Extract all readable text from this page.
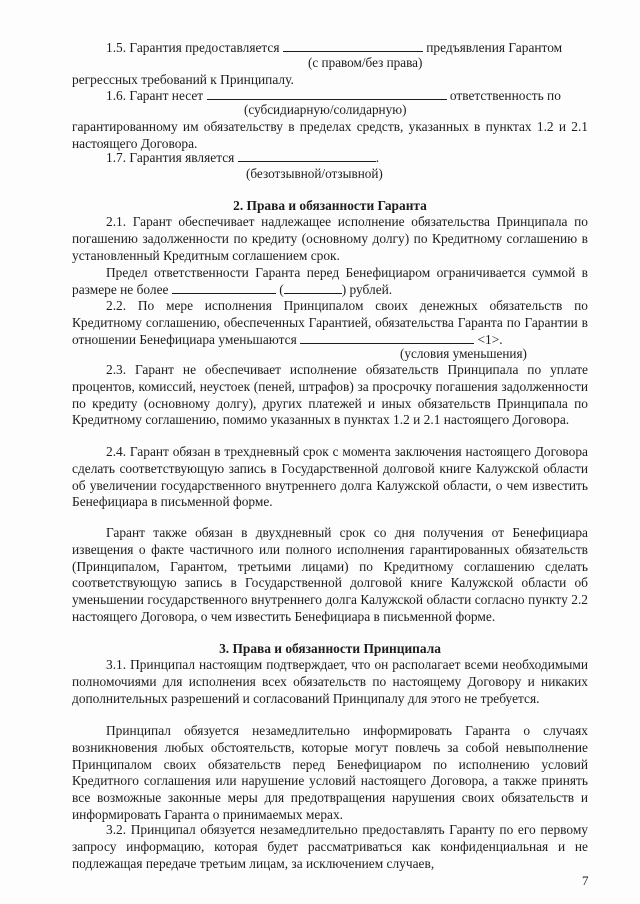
1.5. Гарантия предоставляется	предъявления Гарантом
(с правом/без права)
регрессных требований к Принципалу.
1.6. Гарант несет	ответственность по
(субсидиарную/солидарную)
гарантированному им обязательству в пределах средств, указанных в пунктах 1.2 и 2.1 настоящего Договора.
1.7. Гарантия является	.
(безотзывной/отзывной)
2. Права и обязанности Гаранта
2.1. Гарант обеспечивает надлежащее исполнение обязательства Принципала по погашению задолженности по кредиту (основному долгу) по Кредитному соглашению в установленный Кредитным соглашением срок.
Предел ответственности Гаранта перед Бенефициаром ограничивается суммой в размере не более	(	) рублей.
2.2. По мере исполнения Принципалом своих денежных обязательств по Кредитному соглашению, обеспеченных Гарантией, обязательства Гаранта по Гарантии в отношении Бенефициара уменьшаются	<1>.
(условия уменьшения)
2.3. Гарант не обеспечивает исполнение обязательств Принципала по уплате процентов, комиссий, неустоек (пеней, штрафов) за просрочку погашения задолженности по кредиту (основному долгу), других платежей и иных обязательств Принципала по Кредитному соглашению, помимо указанных в пунктах 1.2 и 2.1 настоящего Договора.
2.4. Гарант обязан в трехдневный срок с момента заключения настоящего Договора сделать соответствующую запись в Государственной долговой книге Калужской области об увеличении государственного внутреннего долга Калужской области, о чем известить Бенефициара в письменной форме.
Гарант также обязан в двухдневный срок со дня получения от Бенефициара извещения о факте частичного или полного исполнения гарантированных обязательств (Принципалом, Гарантом, третьими лицами) по Кредитному соглашению сделать соответствующую запись в Государственной долговой книге Калужской области об уменьшении государственного внутреннего долга Калужской области согласно пункту 2.2 настоящего Договора, о чем известить Бенефициара в письменной форме.
3. Права и обязанности Принципала
3.1. Принципал настоящим подтверждает, что он располагает всеми необходимыми полномочиями для исполнения всех обязательств по настоящему Договору и никаких дополнительных разрешений и согласований Принципалу для этого не требуется.
Принципал обязуется незамедлительно информировать Гаранта о случаях возникновения любых обстоятельств, которые могут повлечь за собой невыполнение Принципалом своих обязательств перед Бенефициаром по исполнению условий Кредитного соглашения или нарушение условий настоящего Договора, а также принять все возможные законные меры для предотвращения нарушения своих обязательств и информировать Гаранта о принимаемых мерах.
3.2. Принципал обязуется незамедлительно предоставлять Гаранту по его первому запросу информацию, которая будет рассматриваться как конфиденциальная и не подлежащая передаче третьим лицам, за исключением случаев,
7
